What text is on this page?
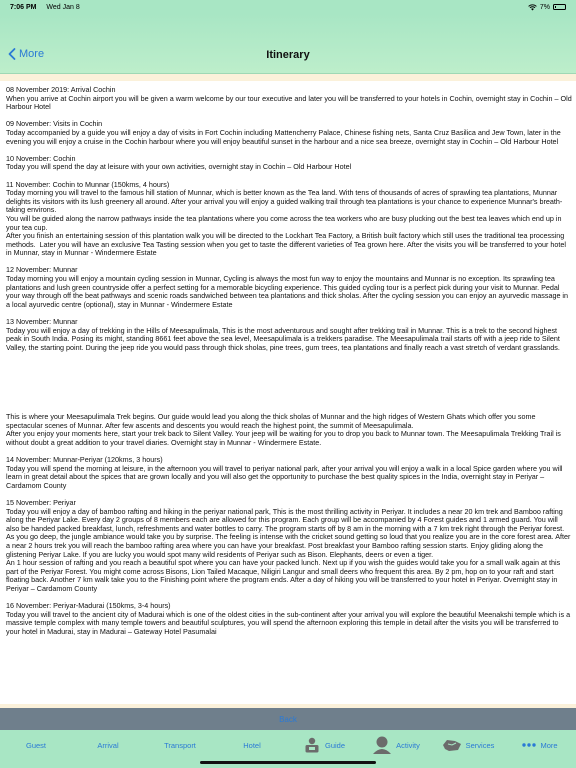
7:06 PM Wed Jan 8	7%
More	Itinerary
08 November 2019: Arrival Cochin
When you arrive at Cochin airport you will be given a warm welcome by our tour executive and later you will be transferred to your hotels in Cochin, overnight stay in Cochin – Old Harbour Hotel
09 November: Visits in Cochin
Today accompanied by a guide you will enjoy a day of visits in Fort Cochin including Mattencherry Palace, Chinese fishing nets, Santa Cruz Basilica and Jew Town, later in the evening you will enjoy a cruise in the Cochin harbour where you will enjoy beautiful sunset in the harbour and a nice sea breeze, overnight stay in Cochin – Old Harbour Hotel
10 November: Cochin
Today you will spend the day at leisure with your own activities, overnight stay in Cochin – Old Harbour Hotel
11 November: Cochin to Munnar (150kms, 4 hours)
Today morning you will travel to the famous hill station of Munnar, which is better known as the Tea land. With tens of thousands of acres of sprawling tea plantations, Munnar delights its visitors with its lush greenery all around. After your arrival you will enjoy a guided walking trail through tea plantations is your chance to experience Munnar's breath-taking environs.
You will be guided along the narrow pathways inside the tea plantations where you come across the tea workers who are busy plucking out the best tea leaves which end up in your tea cup.
After you finish an entertaining session of this plantation walk you will be directed to the Lockhart Tea Factory, a British built factory which still uses the traditional tea processing methods.  Later you will have an exclusive Tea Tasting session when you get to taste the different varieties of Tea grown here. After the visits you will be transferred to your hotel in Munnar, stay in Munnar - Windermere Estate
12 November: Munnar
Today morning you will enjoy a mountain cycling session in Munnar, Cycling is always the most fun way to enjoy the mountains and Munnar is no exception. Its sprawling tea plantations and lush green countryside offer a perfect setting for a memorable bicycling experience. This guided cycling tour is a perfect pick during your visit to Munnar. Pedal your way through off the beat pathways and scenic roads sandwiched between tea plantations and thick sholas. After the cycling session you can enjoy an ayurvedic massage in a local ayurvedic centre (optional), stay in Munnar - Windermere Estate
13 November: Munnar
Today you will enjoy a day of trekking in the Hills of Meesapulimala, This is the most adventurous and sought after trekking trail in Munnar. This is a trek to the second highest peak in South India. Posing its might, standing 8661 feet above the sea level, Meesapulimala is a trekkers paradise. The Meesapulimala trail starts off with a jeep ride to Silent Valley, the starting point. During the jeep ride you would pass through thick sholas, pine trees, gum trees, tea plantations and finally reach a vast stretch of verdant grasslands.
This is where your Meesapulimala Trek begins. Our guide would lead you along the thick sholas of Munnar and the high ridges of Western Ghats which offer you some spectacular scenes of Munnar. After few ascents and descents you would reach the highest point, the summit of Meesapulimala.
After you enjoy your moments here, start your trek back to Silent Valley. Your jeep will be waiting for you to drop you back to Munnar town. The Meesapulimala Trekking Trail is without doubt a great addition to your travel diaries. Overnight stay in Munnar - Windermere Estate.
14 November: Munnar-Periyar (120kms, 3 hours)
Today you will spend the morning at leisure, in the afternoon you will travel to periyar national park, after your arrival you will enjoy a walk in a local Spice garden where you will learn in great detail about the spices that are grown locally and you will also get the opportunity to purchase the best quality spices in the India, overnight stay in Periyar – Cardamom County
15 November: Periyar
Today you will enjoy a day of bamboo rafting and hiking in the periyar national park, This is the most thrilling activity in Periyar. It includes a near 20 km trek and Bamboo rafting along the Periyar Lake. Every day 2 groups of 8 members each are allowed for this program. Each group will be accompanied by 4 Forest guides and 1 armed guard. You will also be handed packed breakfast, lunch, refreshments and water bottles to carry. The program starts off by 8 am in the morning with a 7 km trek right through the Periyar forest. As you go deep, the jungle ambiance would take you by surprise. The feeling is intense with the cricket sound getting so loud that you realize you are in the core forest area. After a near 2 hours trek you will reach the bamboo rafting area where you can have your breakfast. Post breakfast your Bamboo rafting session starts. Enjoy gliding along the glistening Periyar Lake. If you are lucky you would spot many wild residents of Periyar such as Bison. Elephants, deers or even a tiger.
An 1 hour session of rafting and you reach a beautiful spot where you can have your packed lunch. Next up if you wish the guides would take you for a small walk again at this part of the Periyar Forest. You might come across Bisons, Lion Tailed Macaque, Niligiri Langur and small deers who frequent this area. By 2 pm, hop on to your raft and start floating back. Another 7 km walk take you to the Finishing point where the program ends. After a day of hiking you will be transferred to your hotel in Periyar. Overnight stay in Periyar – Cardamom County
16 November: Periyar-Madurai (150kms, 3-4 hours)
Today you will travel to the ancient city of Madurai which is one of the oldest cities in the sub-continent after your arrival you will explore the beautiful Meenakshi temple which is a massive temple complex with many temple towers and beautiful sculptures, you will spend the afternoon exploring this temple in detail after the visits you will be transferred to your hotel in Madurai, stay in Madurai – Gateway Hotel Pasumalai
Back
Guest	Arrival	Transport	Hotel	Guide	Activity	Services	More
